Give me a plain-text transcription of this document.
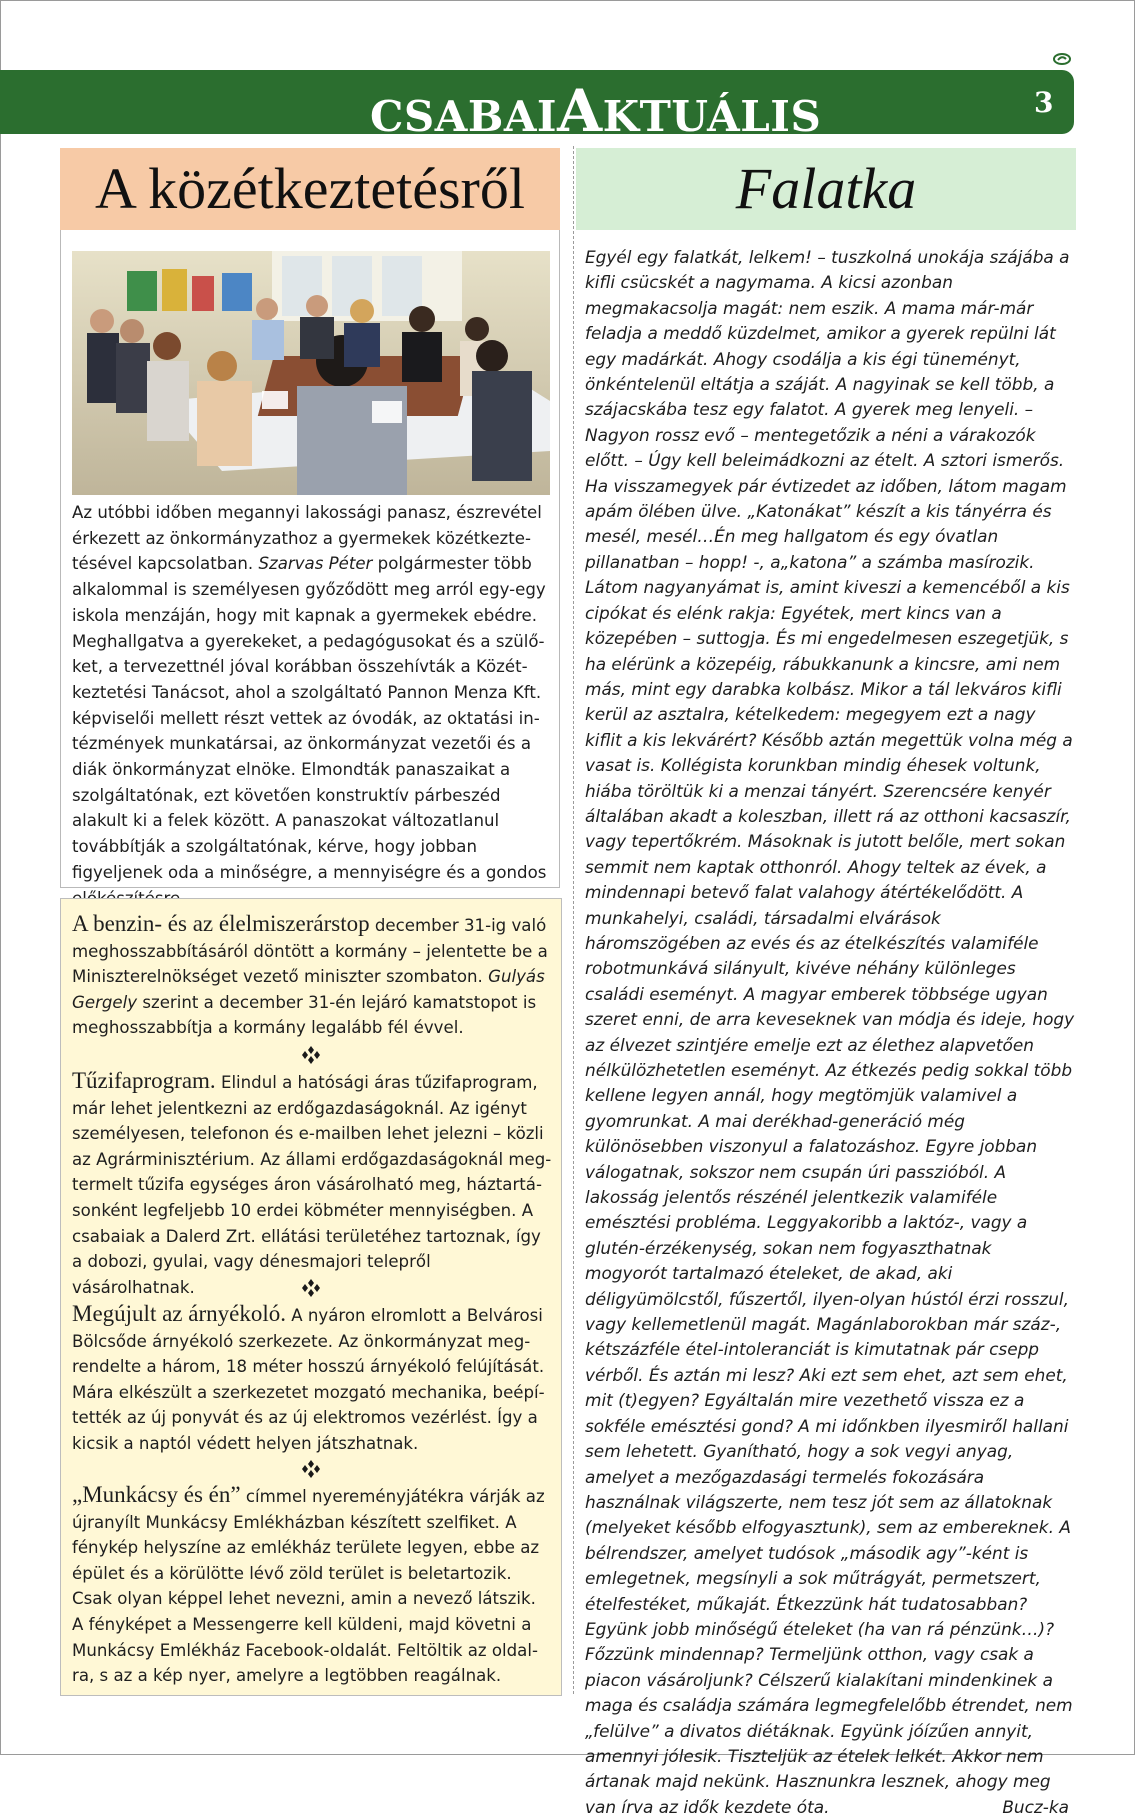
CSABAIAKTUÁLIS	3
A közétkeztetésről
Az utóbbi időben megannyi lakossági panasz, észrevétel érkezett az önkormányzathoz a gyermekek közétkeztetésével kapcsolatban. Szarvas Péter polgármester több alkalommal is személyesen győződött meg arról egy-egy iskola menzáján, hogy mit kapnak a gyermekek ebédre. Meghallgatva a gyerekeket, a pedagógusokat és a szülőket, a tervezettnél jóval korábban összehívták a Közétkeztetési Tanácsot, ahol a szolgáltató Pannon Menza Kft. képviselői mellett részt vettek az óvodák, az oktatási intézmények munkatársai, az önkormányzat vezetői és a diák önkormányzat elnöke. Elmondták panaszaikat a szolgáltatónak, ezt követően konstruktív párbeszéd alakult ki a felek között. A panaszokat változatlanul továbbítják a szolgáltatónak, kérve, hogy jobban figyeljenek oda a minőségre, a mennyiségre és a gondos
A benzin- és az élelmiszerárstop december 31-ig való meghosszabbításáról döntött a kormány – jelentette be a Miniszterelnökséget vezető miniszter szombaton. Gulyás Gergely szerint a december 31-én lejáró kamatstopot is meghosszabbítja a kormány legalább fél évvel.
Tűzifaprogram. Elindul a hatósági áras tűzifaprogram, már lehet jelentkezni az erdőgazdaságoknál. Az igényt személyesen, telefonon és e-mailben lehet jelezni – közli az Agrárminisztérium. Az állami erdőgazdaságoknál megtermelt tűzifa egységes áron vásárolható meg, háztartásonként legfeljebb 10 erdei köbméter mennyiségben. A csabaiak a Dalerd Zrt. ellátási területéhez tartoznak, így a dobozi, gyulai, vagy dénesmajori telepről vásárolhatnak.
Megújult az árnyékoló. A nyáron elromlott a Belvárosi Bölcsőde árnyékoló szerkezete. Az önkormányzat megrendelte a három, 18 méter hosszú árnyékoló felújítását. Mára elkészült a szerkezetet mozgató mechanika, beépítették az új ponyvát és az új elektromos vezérlést. Így a kicsik a naptól védett helyen játszhatnak.
„Munkácsy és én” címmel nyereményjátékra várják az újranyílt Munkácsy Emlékházban készített szelfiket. A fénykép helyszíne az emlékház területe legyen, ebbe az épület és a körülötte lévő zöld terület is beletartozik. Csak olyan képpel lehet nevezni, amin a nevező látszik. A fényképet a Messengerre kell küldeni, majd követni a Munkácsy Emlékház Facebook-oldalát. Feltöltik az oldalra, s az a kép nyer, amelyre a legtöbben reagálnak.
Falatka
Egyél egy falatkát, lelkem! – tuszkolná unokája szájába a kifli csücskét a nagymama. A kicsi azonban megmakacsolja magát: nem eszik. A mama már-már feladja a meddő küzdelmet, amikor a gyerek repülni lát egy madárkát. Ahogy csodálja a kis égi tüneményt, önkéntelenül eltátja a száját. A nagyinak se kell több, a szájacskába tesz egy falatot. A gyerek meg lenyeli. – Nagyon rossz evő – mentegetőzik a néni a várakozók előtt. – Úgy kell beleimádkozni az ételt. A sztori ismerős. Ha visszamegyek pár évtizedet az időben, látom magam apám ölében ülve. „Katonákat” készít a kis tányérra és mesél, mesél…Én meg hallgatom és egy óvatlan pillanatban – hopp! -, a„katona” a számba masírozik. Látom nagyanyámat is, amint kiveszi a kemencéből a kis cipókat és elénk rakja: Egyétek, mert kincs van a közepében – suttogja. És mi engedelmesen eszegetjük, s ha elérünk a közepéig, rábukkanunk a kincsre, ami nem más, mint egy darabka kolbász. Mikor a tál lekváros kifli kerül az asztalra, kételkedem: megegyem ezt a nagy kiflit a kis lekvárért? Később aztán megettük volna még a vasat is. Kollégista korunkban mindig éhesek voltunk, hiába töröltük ki a menzai tányért. Szerencsére kenyér általában akadt a koleszban, illett rá az otthoni kacsaszír, vagy tepertőkrém. Másoknak is jutott belőle, mert sokan semmit nem kaptak otthonról. Ahogy teltek az évek, a mindennapi betevő falat valahogy átértékelődött. A munkahelyi, családi, társadalmi elvárások háromszögében az evés és az ételkészítés valamiféle robotmunkává silányult, kivéve néhány különleges családi eseményt. A magyar emberek többsége ugyan szeret enni, de arra keveseknek van módja és ideje, hogy az élvezet szintjére emelje ezt az élethez alapvetően nélkülözhetetlen eseményt. Az étkezés pedig sokkal több kellene legyen annál, hogy megtömjük valamivel a gyomrunkat. A mai derékhad-generáció még különösebben viszonyul a falatozáshoz. Egyre jobban válogatnak, sokszor nem csupán úri passzióból. A lakosság jelentős részénél jelentkezik valamiféle emésztési probléma. Leggyakoribb a laktóz-, vagy a glutén-érzékenység, sokan nem fogyaszthatnak mogyorót tartalmazó ételeket, de akad, aki déligyümölcstől, fűszertől, ilyen-olyan hústól érzi rosszul, vagy kellemetlenül magát. Magánlaborokban már száz-, kétszázféle étel-intoleranciát is kimutatnak pár csepp vérből. És aztán mi lesz? Aki ezt sem ehet, azt sem ehet, mit (t)egyen? Egyáltalán mire vezethető vissza ez a sokféle emésztési gond? A mi időnkben ilyesmiről hallani sem lehetett. Gyanítható, hogy a sok vegyi anyag, amelyet a mezőgazdasági termelés fokozására használnak világszerte, nem tesz jót sem az állatoknak (melyeket később elfogyasztunk), sem az embereknek. A bélrendszer, amelyet tudósok „második agy”-ként is emlegetnek, megsínyli a sok műtrágyát, permetszert, ételfestéket, műkaját. Étkezzünk hát tudatosabban? Együnk jobb minőségű ételeket (ha van rá pénzünk…)? Főzzünk mindennap? Termeljünk otthon, vagy csak a piacon vásároljunk? Célszerű kialakítani mindenkinek a maga és családja számára legmegfelelőbb étrendet, nem „felülve” a divatos diétáknak. Együnk jóízűen annyit, amennyi jólesik. Tiszteljük az ételek lelkét. Akkor nem ártanak majd nekünk. Hasznunkra lesznek, ahogy meg van írva az idők kezdete óta.	Bucz-ka
